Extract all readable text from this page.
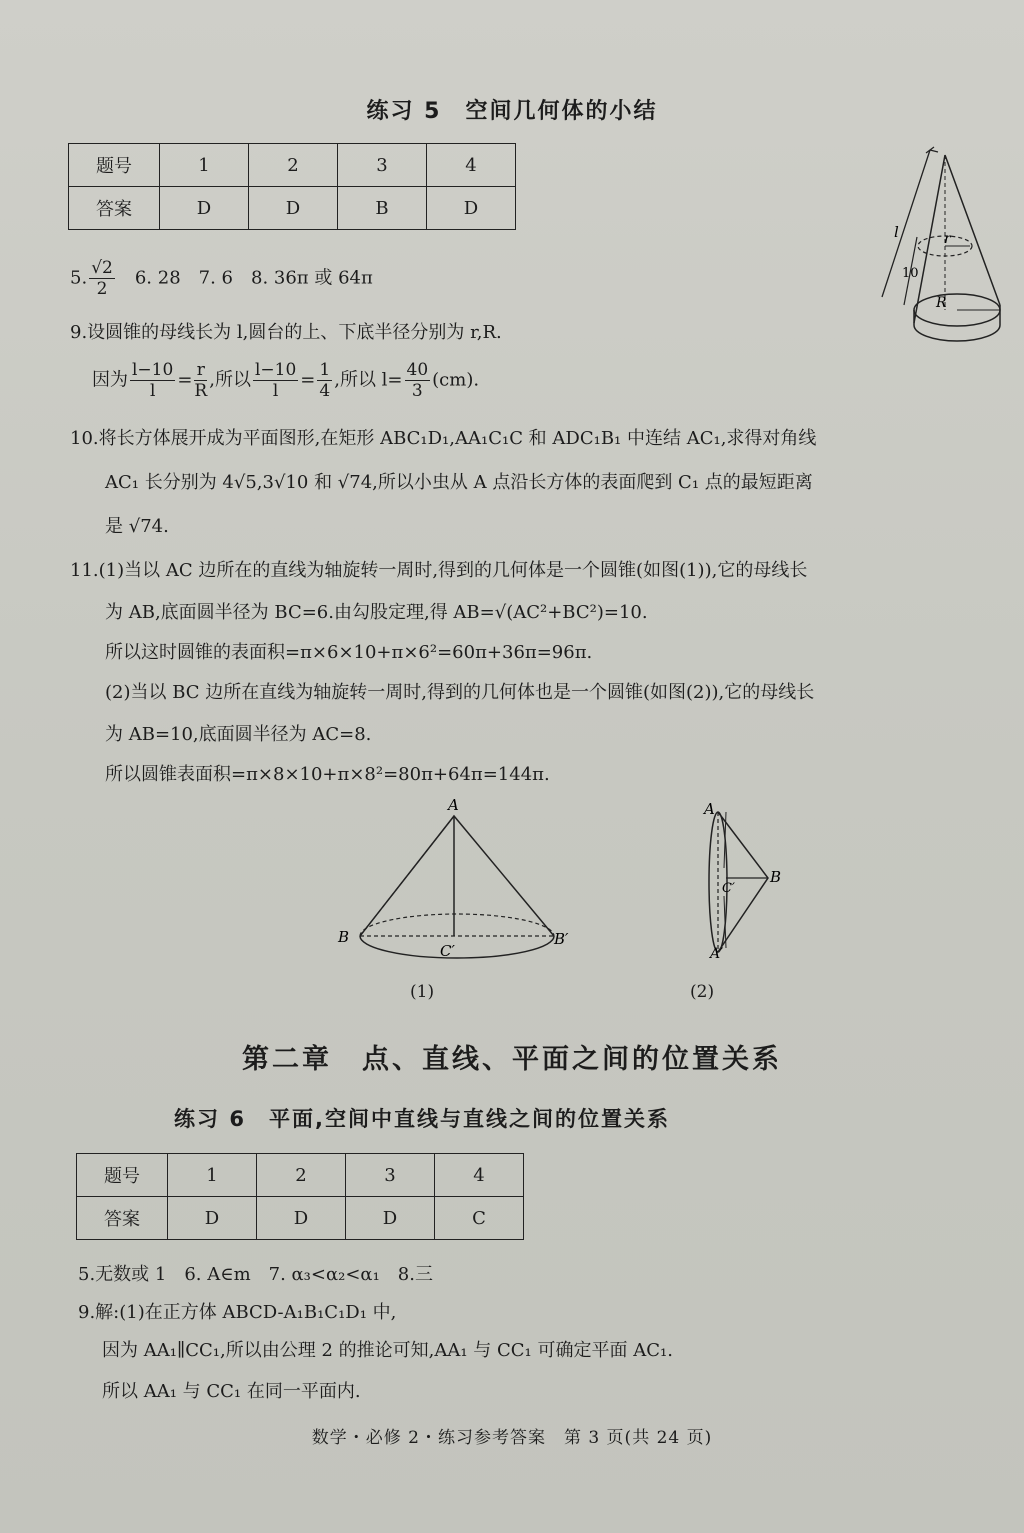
练习 5　空间几何体的小结
题号	1	2	3	4
答案	D	D	B	D
l
10
r
R
5. $\frac{√2}{2}$
　 6. 28　7. 6　8. 36π 或 64π
9.设圆锥的母线长为 l,圆台的上、下底半径分别为 r,R.
因为 $\frac{l-10}{l} = \frac{r}{R}$ ,所以 $\frac{l-10}{l} = \frac{1}{4}$ ,所以 $l= \frac{40}{3} (cm)$.
10.将长方体展开成为平面图形,在矩形 ABC₁D₁,AA₁C₁C 和 ADC₁B₁ 中连结 AC₁,求得对角线
AC₁ 长分别为 4√5,3√10 和 √74,所以小虫从 A 点沿长方体的表面爬到 C₁ 点的最短距离
是 √74.
11.(1)当以 AC 边所在的直线为轴旋转一周时,得到的几何体是一个圆锥(如图(1)),它的母线长
为 AB,底面圆半径为 BC=6.由勾股定理,得 AB=√(AC²+BC²)=10.
所以这时圆锥的表面积=π×6×10+π×6²=60π+36π=96π.
(2)当以 BC 边所在直线为轴旋转一周时,得到的几何体也是一个圆锥(如图(2)),它的母线长
为 AB=10,底面圆半径为 AC=8.
所以圆锥表面积=π×8×10+π×8²=80π+64π=144π.
A
B
C′
B′
(1)
A
B
C′
A′
(2)
第二章　点、直线、平面之间的位置关系
练习 6　平面,空间中直线与直线之间的位置关系
题号	1	2	3	4
答案	D	D	D	C
5.无数或 1　6. A∈m　7. α₃<α₂<α₁　8.三
9.解:(1)在正方体 ABCD-A₁B₁C₁D₁ 中,
因为 AA₁∥CC₁,所以由公理 2 的推论可知,AA₁ 与 CC₁ 可确定平面 AC₁.
所以 AA₁ 与 CC₁ 在同一平面内.
数学・必修 2・练习参考答案　第 3 页(共 24 页)
